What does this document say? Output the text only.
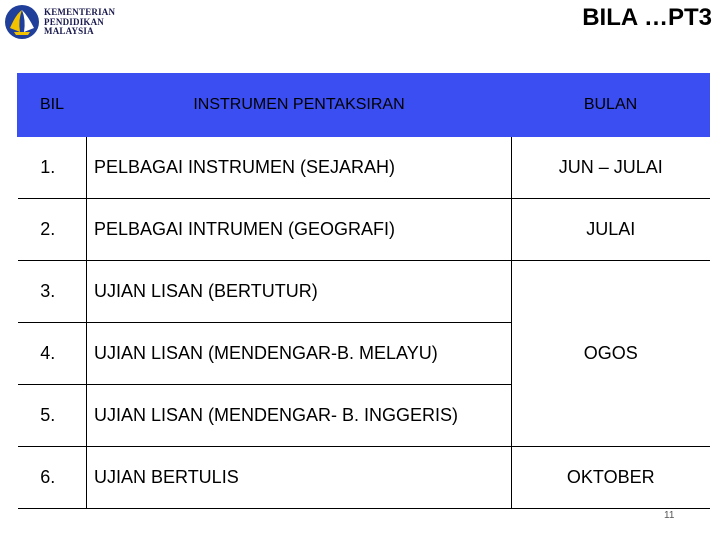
KEMENTERIAN
PENDIDIKAN
MALAYSIA	BILA …PT3
BIL	INSTRUMEN PENTAKSIRAN	BULAN
1.	PELBAGAI INSTRUMEN (SEJARAH)	JUN – JULAI
2.	PELBAGAI INTRUMEN (GEOGRAFI)	JULAI
3.	UJIAN LISAN (BERTUTUR)	OGOS
4.	UJIAN LISAN (MENDENGAR-B. MELAYU)	
5.	UJIAN LISAN (MENDENGAR- B. INGGERIS)	
6.	UJIAN BERTULIS	OKTOBER
11
